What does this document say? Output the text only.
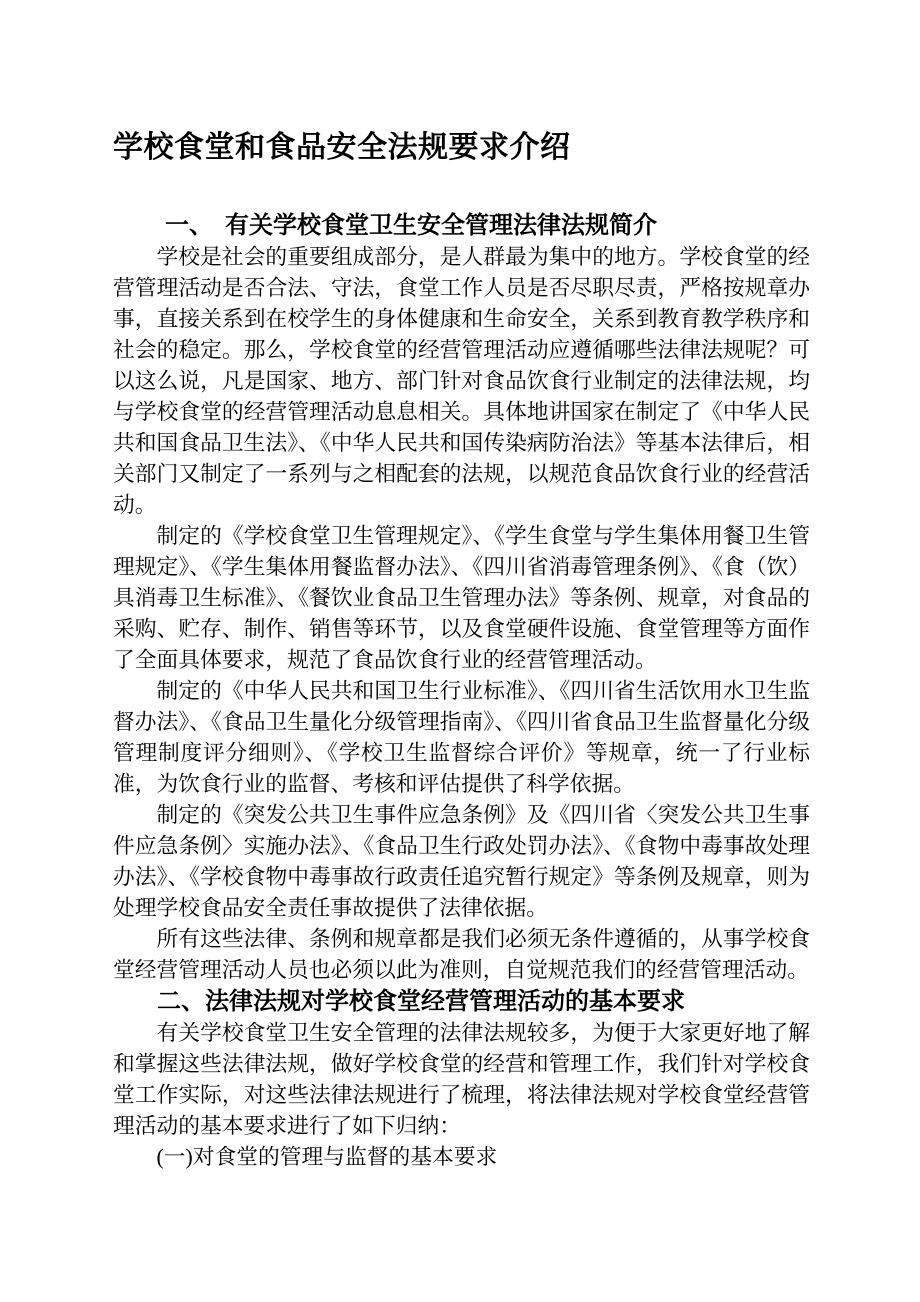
学校食堂和食品安全法规要求介绍
一、　有关学校食堂卫生安全管理法律法规简介

学校是社会的重要组成部分，是人群最为集中的地方。学校食堂的经营管理活动是否合法、守法，食堂工作人员是否尽职尽责，严格按规章办事，直接关系到在校学生的身体健康和生命安全，关系到教育教学秩序和社会的稳定。那么，学校食堂的经营管理活动应遵循哪些法律法规呢？可以这么说，凡是国家、地方、部门针对食品饮食行业制定的法律法规，均与学校食堂的经营管理活动息息相关。具体地讲国家在制定了《中华人民共和国食品卫生法》、《中华人民共和国传染病防治法》等基本法律后，相关部门又制定了一系列与之相配套的法规，以规范食品饮食行业的经营活动。

制定的《学校食堂卫生管理规定》、《学生食堂与学生集体用餐卫生管理规定》、《学生集体用餐监督办法》、《四川省消毒管理条例》、《食（饮）具消毒卫生标准》、《餐饮业食品卫生管理办法》等条例、规章，对食品的采购、贮存、制作、销售等环节，以及食堂硬件设施、食堂管理等方面作了全面具体要求，规范了食品饮食行业的经营管理活动。

制定的《中华人民共和国卫生行业标准》、《四川省生活饮用水卫生监督办法》、《食品卫生量化分级管理指南》、《四川省食品卫生监督量化分级管理制度评分细则》、《学校卫生监督综合评价》等规章，统一了行业标准，为饮食行业的监督、考核和评估提供了科学依据。

制定的《突发公共卫生事件应急条例》及《四川省〈突发公共卫生事件应急条例〉实施办法》、《食品卫生行政处罚办法》、《食物中毒事故处理办法》、《学校食物中毒事故行政责任追究暂行规定》等条例及规章，则为处理学校食品安全责任事故提供了法律依据。

所有这些法律、条例和规章都是我们必须无条件遵循的，从事学校食堂经营管理活动人员也必须以此为准则，自觉规范我们的经营管理活动。

二、法律法规对学校食堂经营管理活动的基本要求

有关学校食堂卫生安全管理的法律法规较多，为便于大家更好地了解和掌握这些法律法规，做好学校食堂的经营和管理工作，我们针对学校食堂工作实际，对这些法律法规进行了梳理，将法律法规对学校食堂经营管理活动的基本要求进行了如下归纳：

(一)对食堂的管理与监督的基本要求
